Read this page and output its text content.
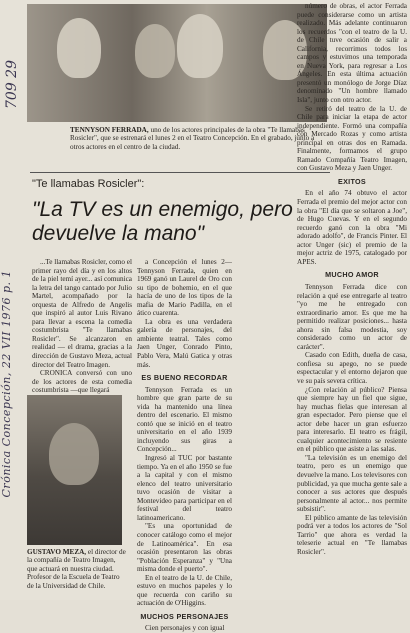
TENNYSON FERRADA, uno de los actores principales de la obra "Te llamabas Rosicler", que se estrenará el lunes 2 en el Teatro Concepción. En el grabado, junto a otros actores en el centro de la ciudad.
709 29
Crónica Concepción, 22 VII 1976 p. 1
"Te llamabas Rosicler":
"La TV es un enemigo, pero devuelve la mano"

...Te llamabas Rosicler, como el primer rayo del día y en los altos de la piel temí ayer... así comunica la letra del tango cantado por Julio Martel, acompañado por la orquesta de Alfredo de Angelis que inspiró al autor Luis Rivano para llevar a escena la comedia costumbrista "Te llamabas Rosicler". Se alcanzaron en realidad — el drama, gracias a la dirección de Gustavo Meza, actual director del Teatro Imagen.

CRONICA conversó con uno de los actores de esta comedia costumbrista —que llegará

GUSTAVO MEZA, el director de la compañía de Teatro Imagen, que actuará en nuestra ciudad. Profesor de la Escuela de Teatro de la Universidad de Chile.

a Concepción el lunes 2— Tennyson Ferrada, quien en 1969 ganó un Laurel de Oro con su tipo de bohemio, en el que hacía de uno de los tipos de la mafia de Mario Padilla, en el ático cuarenta.

La obra es una verdadera galería de personajes, del ambiente teatral. Tales como Jaen Unger, Conrado Pinto, Pablo Vera, Malú Gatica y otras más.

ES BUENO RECORDAR

Tennyson Ferrada es un hombre que gran parte de su vida ha mantenido una línea dentro del escenario. El mismo contó que se inició en el teatro universitario en el año 1939 incluyendo sus giras a Concepción...

Ingresó al TUC por bastante tiempo. Ya en el año 1950 se fue a la capital y con el mismo elenco del teatro universitario tuvo ocasión de visitar a Montevideo para participar en el festival del teatro latinoamericano.

"Es una oportunidad de conocer catálogo como el mejor de Latinoamérica". En esa ocasión presentaron las obras "Población Esperanza" y "Una misma donde el puerto".

En el teatro de la U. de Chile, estuvo en muchos papeles y lo que recuerda con cariño su actuación de O'Higgins.

MUCHOS PERSONAJES

Cien personajes y con igual

número de obras, el actor Ferrada puede considerarse como un artista realizado. Más adelante continuaron los recuerdos "con el teatro de la U. de Chile tuve ocasión de salir a California, recorrimos todos los campos y estuvimos una temporada en Nueva York, para regresar a Los Ángeles. En esta última actuación presentó un monólogo de Jorge Díaz denominado "Un hombre llamado Isla", junto con otro actor.

Se retiró del teatro de la U. de Chile para iniciar la etapa de actor independiente. Formó una compañía con Mercado Rozas y como artista principal en otras dos en Ramada. Finalmente, formamos el grupo Ramado Compañía Teatro Imagen, con Gustavo Meza y Jaen Unger.

EXITOS

En el año 74 obtuvo el actor Ferrada el premio del mejor actor con la obra "El día que se soltaron a Joe", de Hugo Cuevas. Y en el segundo recuerdo ganó con la obra "Mi adorado adolfo", de Francis Pinter. El actor Unger (sic) el premio de la mejor actriz de 1975, catalogado por APES.

MUCHO AMOR

Tennyson Ferrada dice con relación a qué ese entregarle al teatro "yo me he entregado con extraordinario amor. Es que me ha permitido realizar posiciones... hasta ahora sin falsa modestia, soy considerado como un actor de carácter".

Casado con Edith, dueña de casa, confiesa su apego, no se puede espectacular y el entorno dejaron que ve su país severa crítica.

¿Con relación al público? Piensa que siempre hay un fiel que sigue, hay muchas fielas que interesan al gran espectador. Pero piense que el actor debe hacer un gran esfuerzo para interesarlo. El teatro es frágil, cualquier acontecimiento se resiente en el público que asiste a las salas.

"La televisión es un enemigo del teatro, pero es un enemigo que devuelve la mano. Los televisores con publicidad, ya que mucha gente sale a conocer a sus actores que después personalmente al actor... nos permite subsistir".

El público amante de las televisión podrá ver a todos los actores de "Sol Tarrio" que ahora es verdad la teleserie actual en "Te llamabas Rosicler".
